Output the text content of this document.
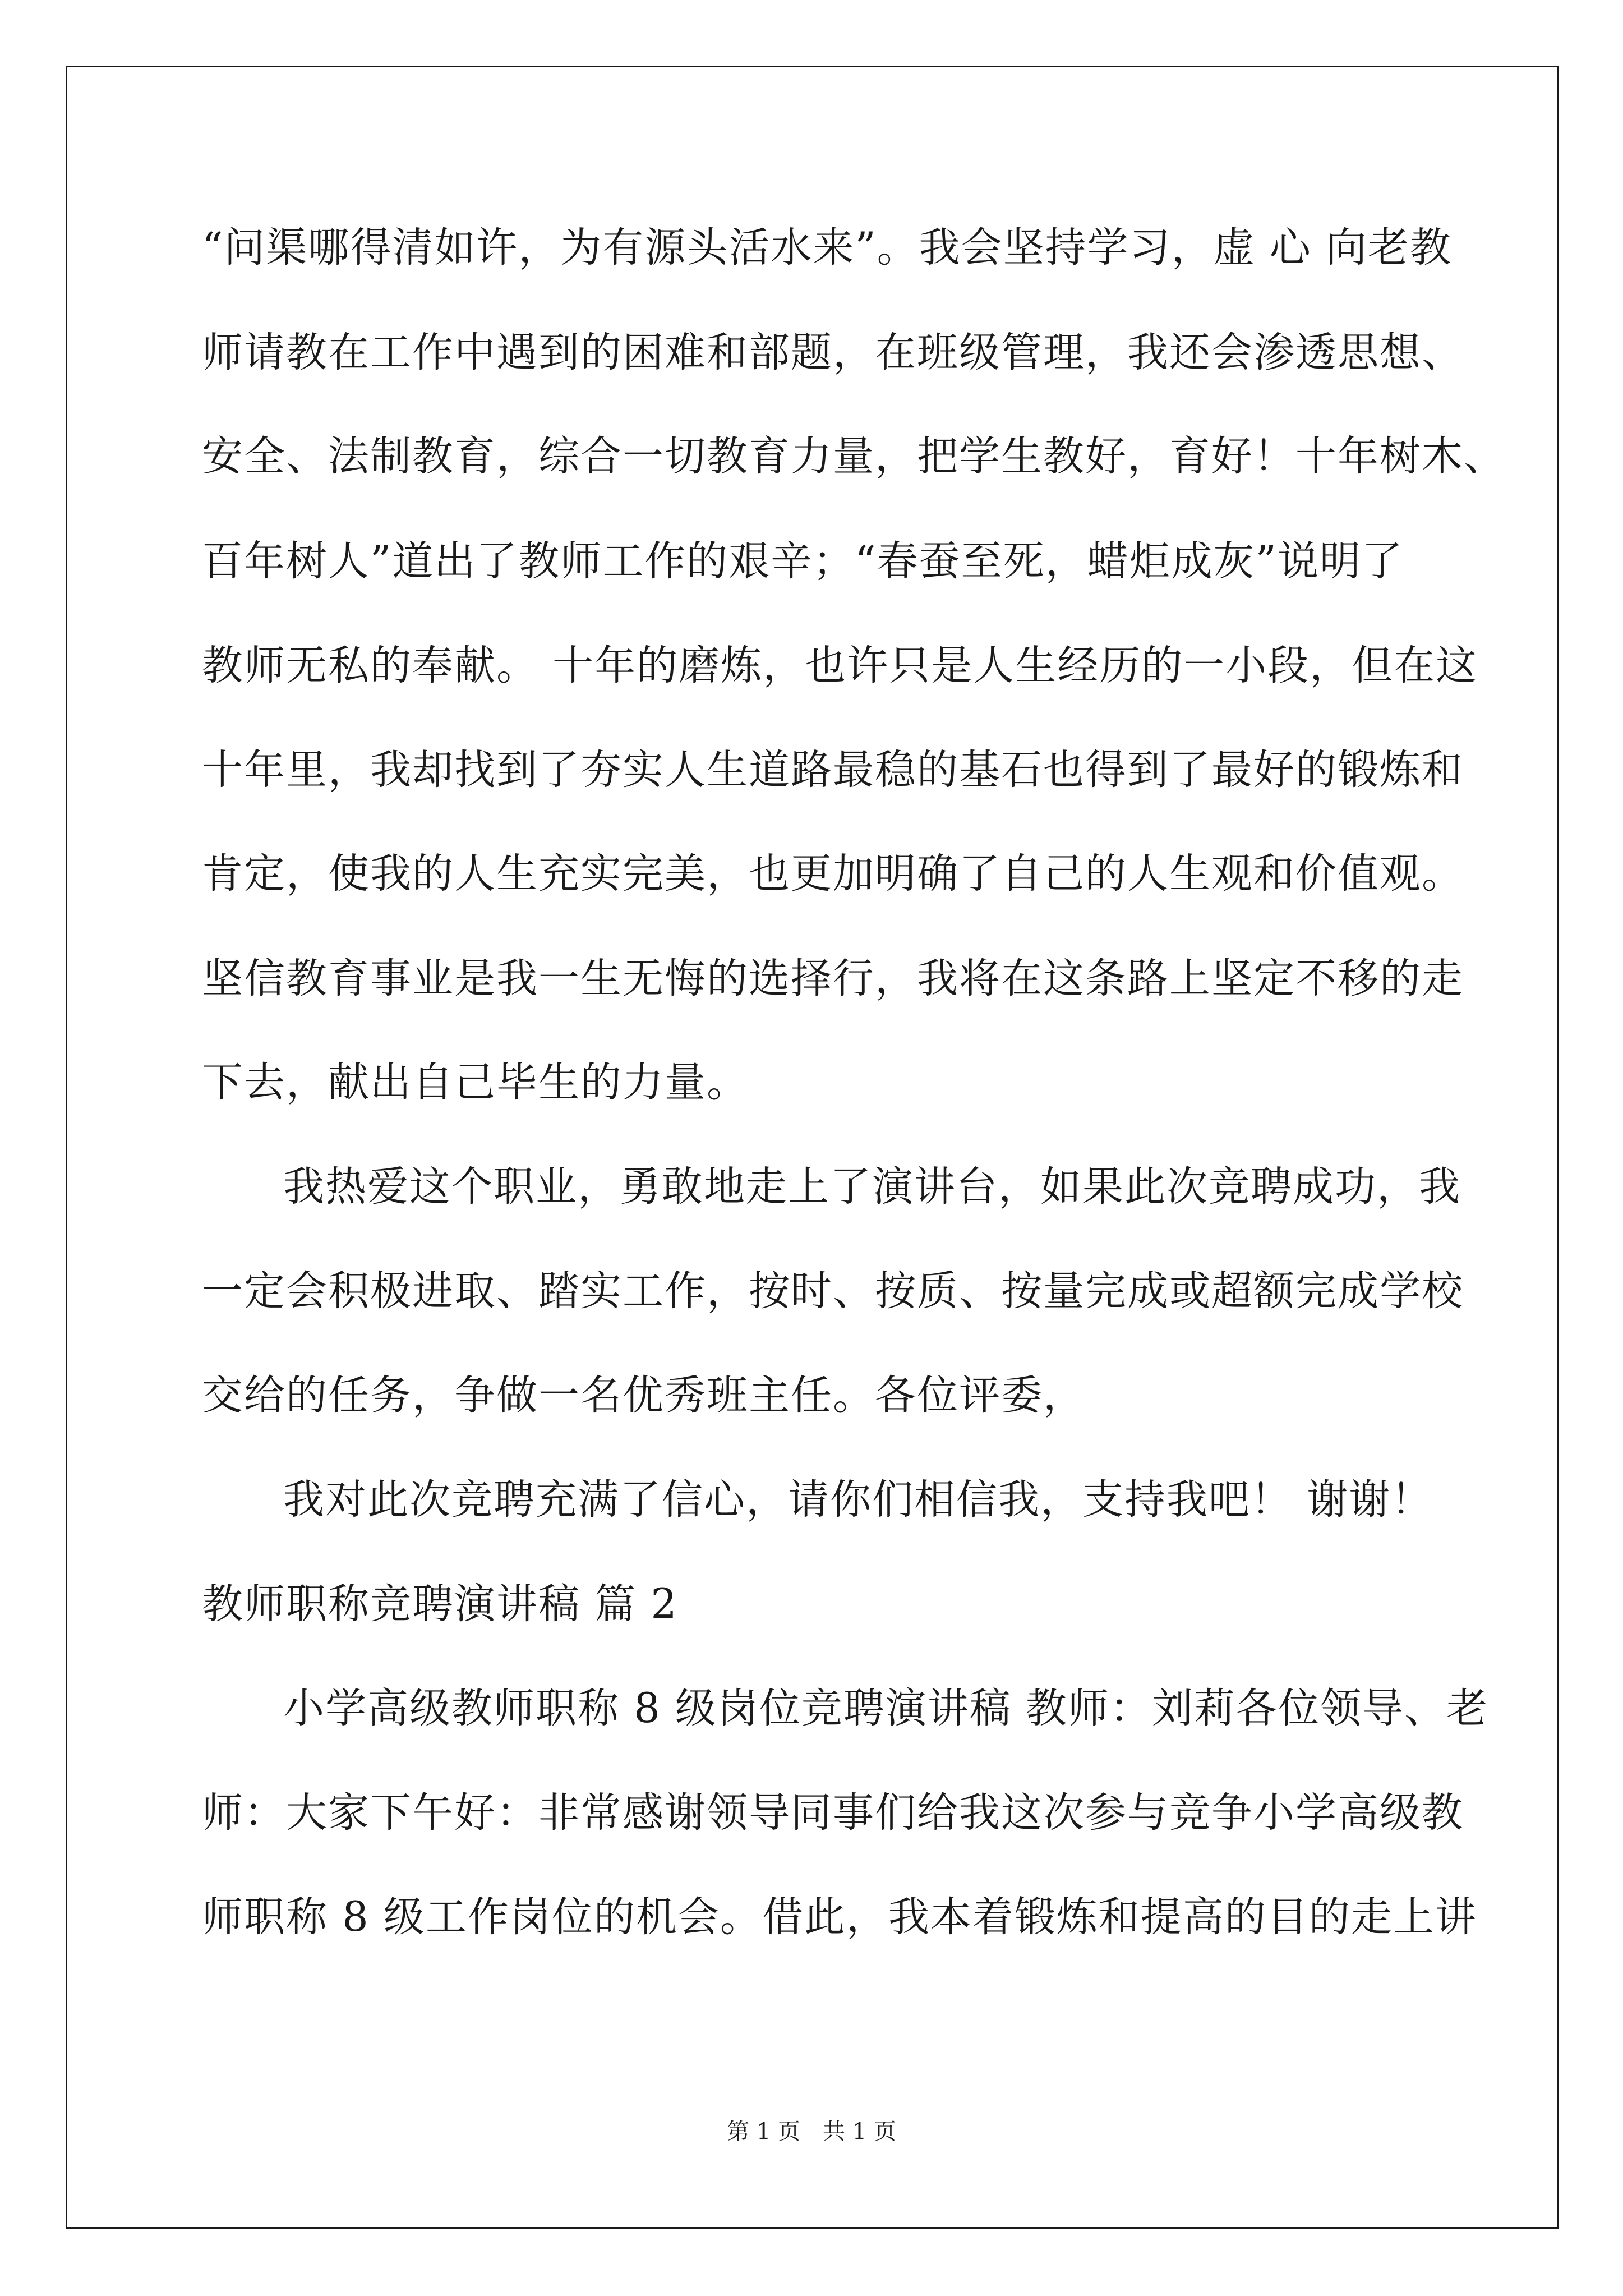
“问渠哪得清如许，为有源头活水来”。我会坚持学习，虚 心 向老教

师请教在工作中遇到的困难和部题，在班级管理，我还会渗透思想、

安全、法制教育，综合一切教育力量，把学生教好，育好！十年树木、

百年树人”道出了教师工作的艰辛；“春蚕至死，蜡炬成灰”说明了

教师无私的奉献。 十年的磨炼，也许只是人生经历的一小段，但在这

十年里，我却找到了夯实人生道路最稳的基石也得到了最好的锻炼和

肯定，使我的人生充实完美，也更加明确了自己的人生观和价值观。

坚信教育事业是我一生无悔的选择行，我将在这条路上坚定不移的走

下去，献出自己毕生的力量。

我热爱这个职业，勇敢地走上了演讲台，如果此次竞聘成功，我

一定会积极进取、踏实工作，按时、按质、按量完成或超额完成学校

交给的任务，争做一名优秀班主任。各位评委，

我对此次竞聘充满了信心，请你们相信我，支持我吧！ 谢谢！

教师职称竞聘演讲稿 篇 2

小学高级教师职称 8 级岗位竞聘演讲稿 教师：刘莉各位领导、老

师：大家下午好：非常感谢领导同事们给我这次参与竞争小学高级教

师职称 8 级工作岗位的机会。借此，我本着锻炼和提高的目的走上讲

第 1 页　共 1 页
